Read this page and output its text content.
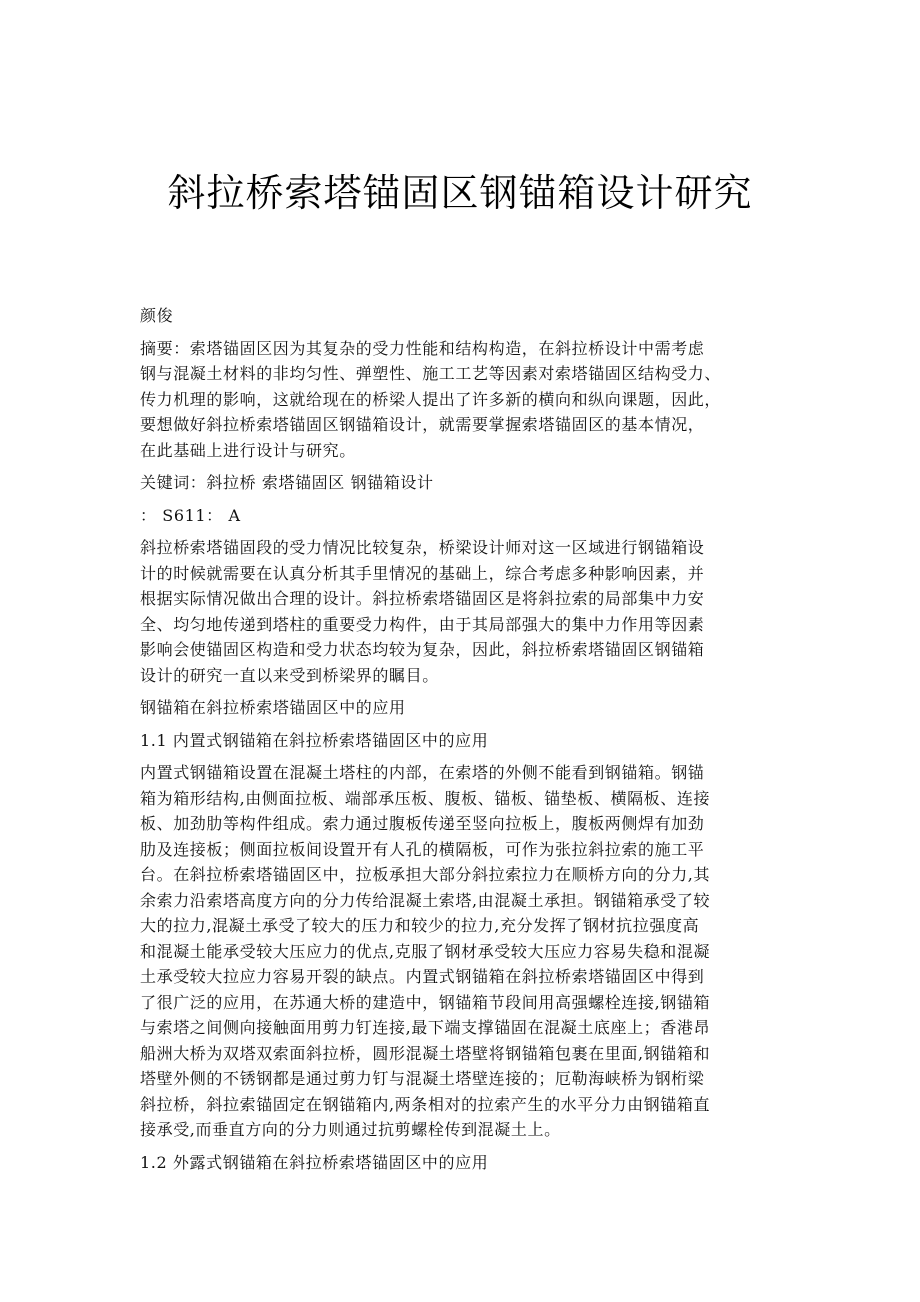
斜拉桥索塔锚固区钢锚箱设计研究

颜俊

摘要：索塔锚固区因为其复杂的受力性能和结构构造，在斜拉桥设计中需考虑
钢与混凝土材料的非均匀性、弹塑性、施工工艺等因素对索塔锚固区结构受力、
传力机理的影响，这就给现在的桥梁人提出了许多新的横向和纵向课题，因此，
要想做好斜拉桥索塔锚固区钢锚箱设计，就需要掌握索塔锚固区的基本情况，
在此基础上进行设计与研究。

关键词：斜拉桥 索塔锚固区 钢锚箱设计

： S611： A

斜拉桥索塔锚固段的受力情况比较复杂，桥梁设计师对这一区域进行钢锚箱设
计的时候就需要在认真分析其手里情况的基础上，综合考虑多种影响因素，并
根据实际情况做出合理的设计。斜拉桥索塔锚固区是将斜拉索的局部集中力安
全、均匀地传递到塔柱的重要受力构件，由于其局部强大的集中力作用等因素
影响会使锚固区构造和受力状态均较为复杂，因此，斜拉桥索塔锚固区钢锚箱
设计的研究一直以来受到桥梁界的瞩目。

钢锚箱在斜拉桥索塔锚固区中的应用

1.1 内置式钢锚箱在斜拉桥索塔锚固区中的应用

内置式钢锚箱设置在混凝土塔柱的内部，在索塔的外侧不能看到钢锚箱。钢锚
箱为箱形结构,由侧面拉板、端部承压板、腹板、锚板、锚垫板、横隔板、连接
板、加劲肋等构件组成。索力通过腹板传递至竖向拉板上，腹板两侧焊有加劲
肋及连接板；侧面拉板间设置开有人孔的横隔板，可作为张拉斜拉索的施工平
台。在斜拉桥索塔锚固区中，拉板承担大部分斜拉索拉力在顺桥方向的分力,其
余索力沿索塔高度方向的分力传给混凝土索塔,由混凝土承担。钢锚箱承受了较
大的拉力,混凝土承受了较大的压力和较少的拉力,充分发挥了钢材抗拉强度高
和混凝土能承受较大压应力的优点,克服了钢材承受较大压应力容易失稳和混凝
土承受较大拉应力容易开裂的缺点。内置式钢锚箱在斜拉桥索塔锚固区中得到
了很广泛的应用，在苏通大桥的建造中，钢锚箱节段间用高强螺栓连接,钢锚箱
与索塔之间侧向接触面用剪力钉连接,最下端支撑锚固在混凝土底座上；香港昂
船洲大桥为双塔双索面斜拉桥，圆形混凝土塔壁将钢锚箱包裹在里面,钢锚箱和
塔壁外侧的不锈钢都是通过剪力钉与混凝土塔壁连接的；厄勒海峡桥为钢桁梁
斜拉桥，斜拉索锚固定在钢锚箱内,两条相对的拉索产生的水平分力由钢锚箱直
接承受,而垂直方向的分力则通过抗剪螺栓传到混凝土上。

1.2 外露式钢锚箱在斜拉桥索塔锚固区中的应用
